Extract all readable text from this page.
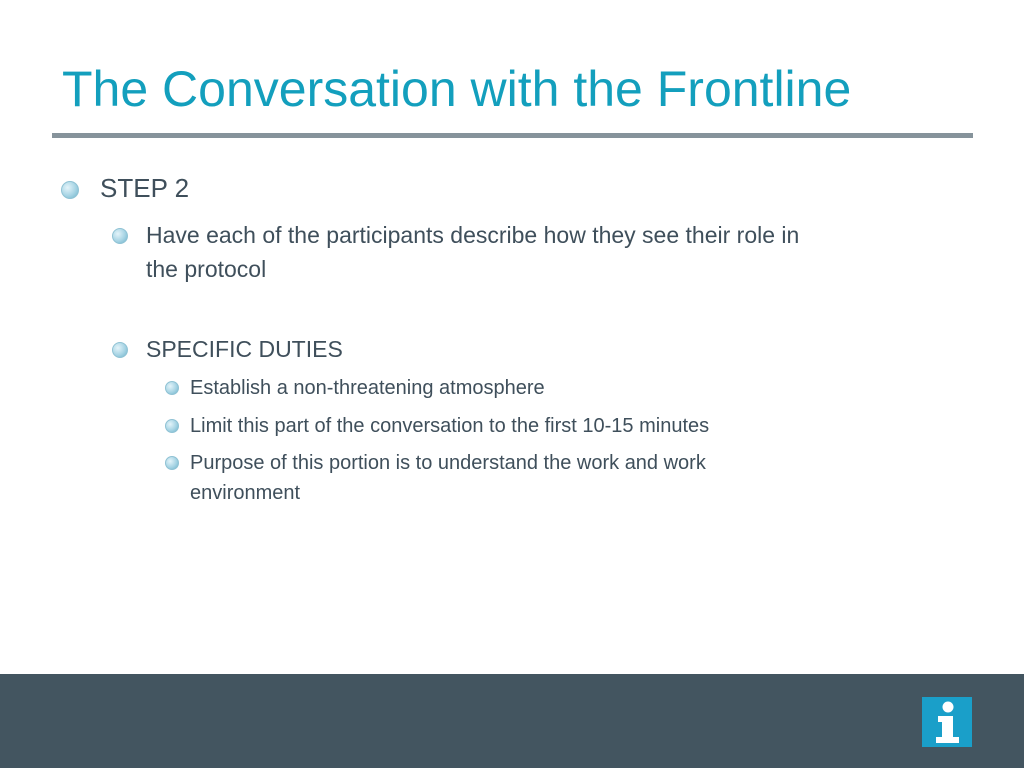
The Conversation with the Frontline
STEP 2
Have each of the participants describe how they see their role in
the protocol
SPECIFIC DUTIES
Establish a non-threatening atmosphere
Limit this part of the conversation to the first 10-15 minutes
Purpose of this portion is to understand the work and work
environment
